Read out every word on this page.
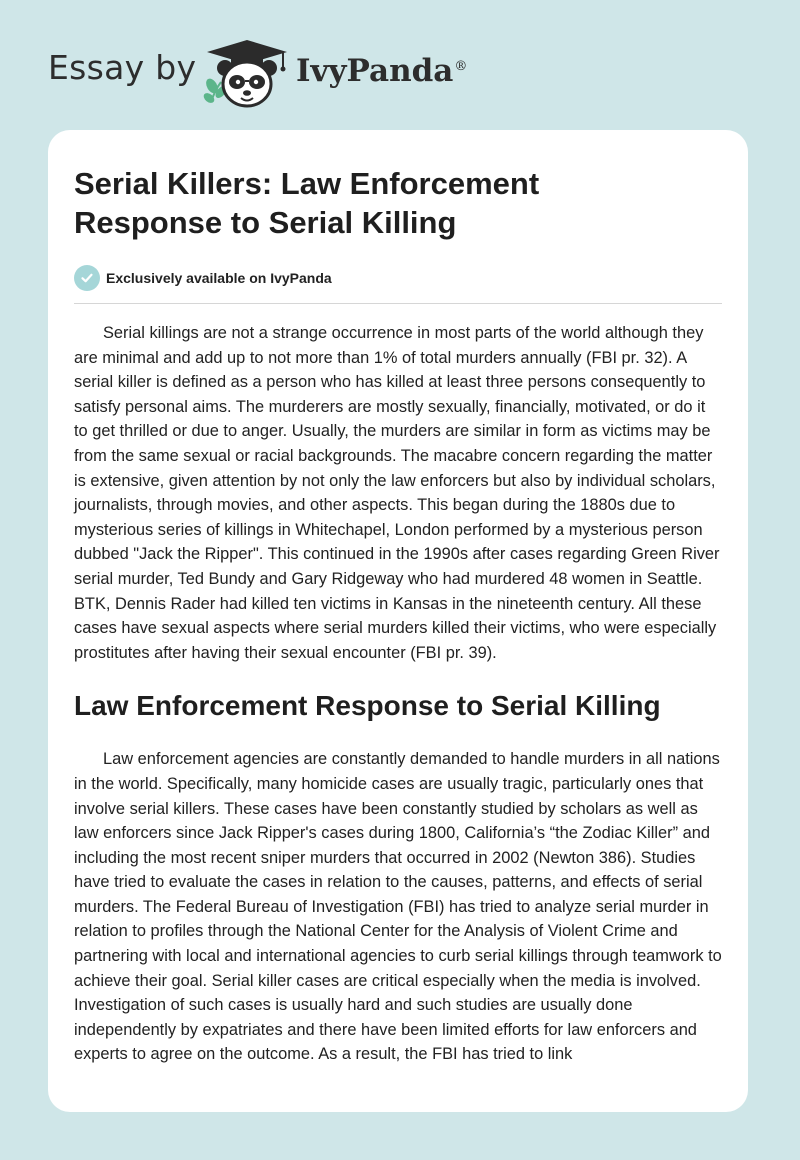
Essay by	IvyPanda®
Serial Killers: Law Enforcement Response to Serial Killing
Exclusively available on IvyPanda

Serial killings are not a strange occurrence in most parts of the world although they are minimal and add up to not more than 1% of total murders annually (FBI pr. 32). A serial killer is defined as a person who has killed at least three persons consequently to satisfy personal aims. The murderers are mostly sexually, financially, motivated, or do it to get thrilled or due to anger. Usually, the murders are similar in form as victims may be from the same sexual or racial backgrounds. The macabre concern regarding the matter is extensive, given attention by not only the law enforcers but also by individual scholars, journalists, through movies, and other aspects. This began during the 1880s due to mysterious series of killings in Whitechapel, London performed by a mysterious person dubbed "Jack the Ripper". This continued in the 1990s after cases regarding Green River serial murder, Ted Bundy and Gary Ridgeway who had murdered 48 women in Seattle. BTK, Dennis Rader had killed ten victims in Kansas in the nineteenth century. All these cases have sexual aspects where serial murders killed their victims, who were especially prostitutes after having their sexual encounter (FBI pr. 39).

Law Enforcement Response to Serial Killing

Law enforcement agencies are constantly demanded to handle murders in all nations in the world. Specifically, many homicide cases are usually tragic, particularly ones that involve serial killers. These cases have been constantly studied by scholars as well as law enforcers since Jack Ripper's cases during 1800, California’s “the Zodiac Killer” and including the most recent sniper murders that occurred in 2002 (Newton 386). Studies have tried to evaluate the cases in relation to the causes, patterns, and effects of serial murders. The Federal Bureau of Investigation (FBI) has tried to analyze serial murder in relation to profiles through the National Center for the Analysis of Violent Crime and partnering with local and international agencies to curb serial killings through teamwork to achieve their goal. Serial killer cases are critical especially when the media is involved. Investigation of such cases is usually hard and such studies are usually done independently by expatriates and there have been limited efforts for law enforcers and experts to agree on the outcome. As a result, the FBI has tried to link
